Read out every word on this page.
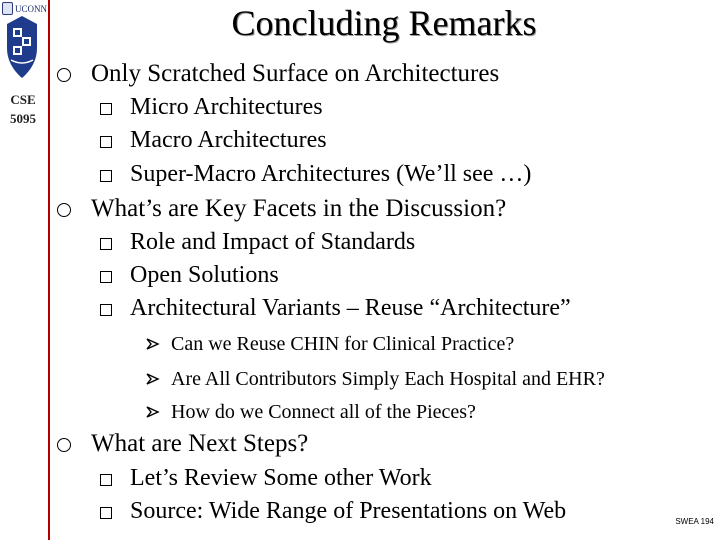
UCONN
CSE
5095
Concluding Remarks
Only Scratched Surface on Architectures
Micro Architectures
Macro Architectures
Super-Macro Architectures (We’ll see …)
What’s are Key Facets in the Discussion?
Role and Impact of Standards
Open Solutions
Architectural Variants – Reuse “Architecture”
Can we Reuse CHIN for Clinical Practice?
Are All Contributors Simply Each Hospital and EHR?
How do we Connect all of the Pieces?
What are Next Steps?
Let’s Review Some other Work
Source: Wide Range of Presentations on Web	SWEA 194
